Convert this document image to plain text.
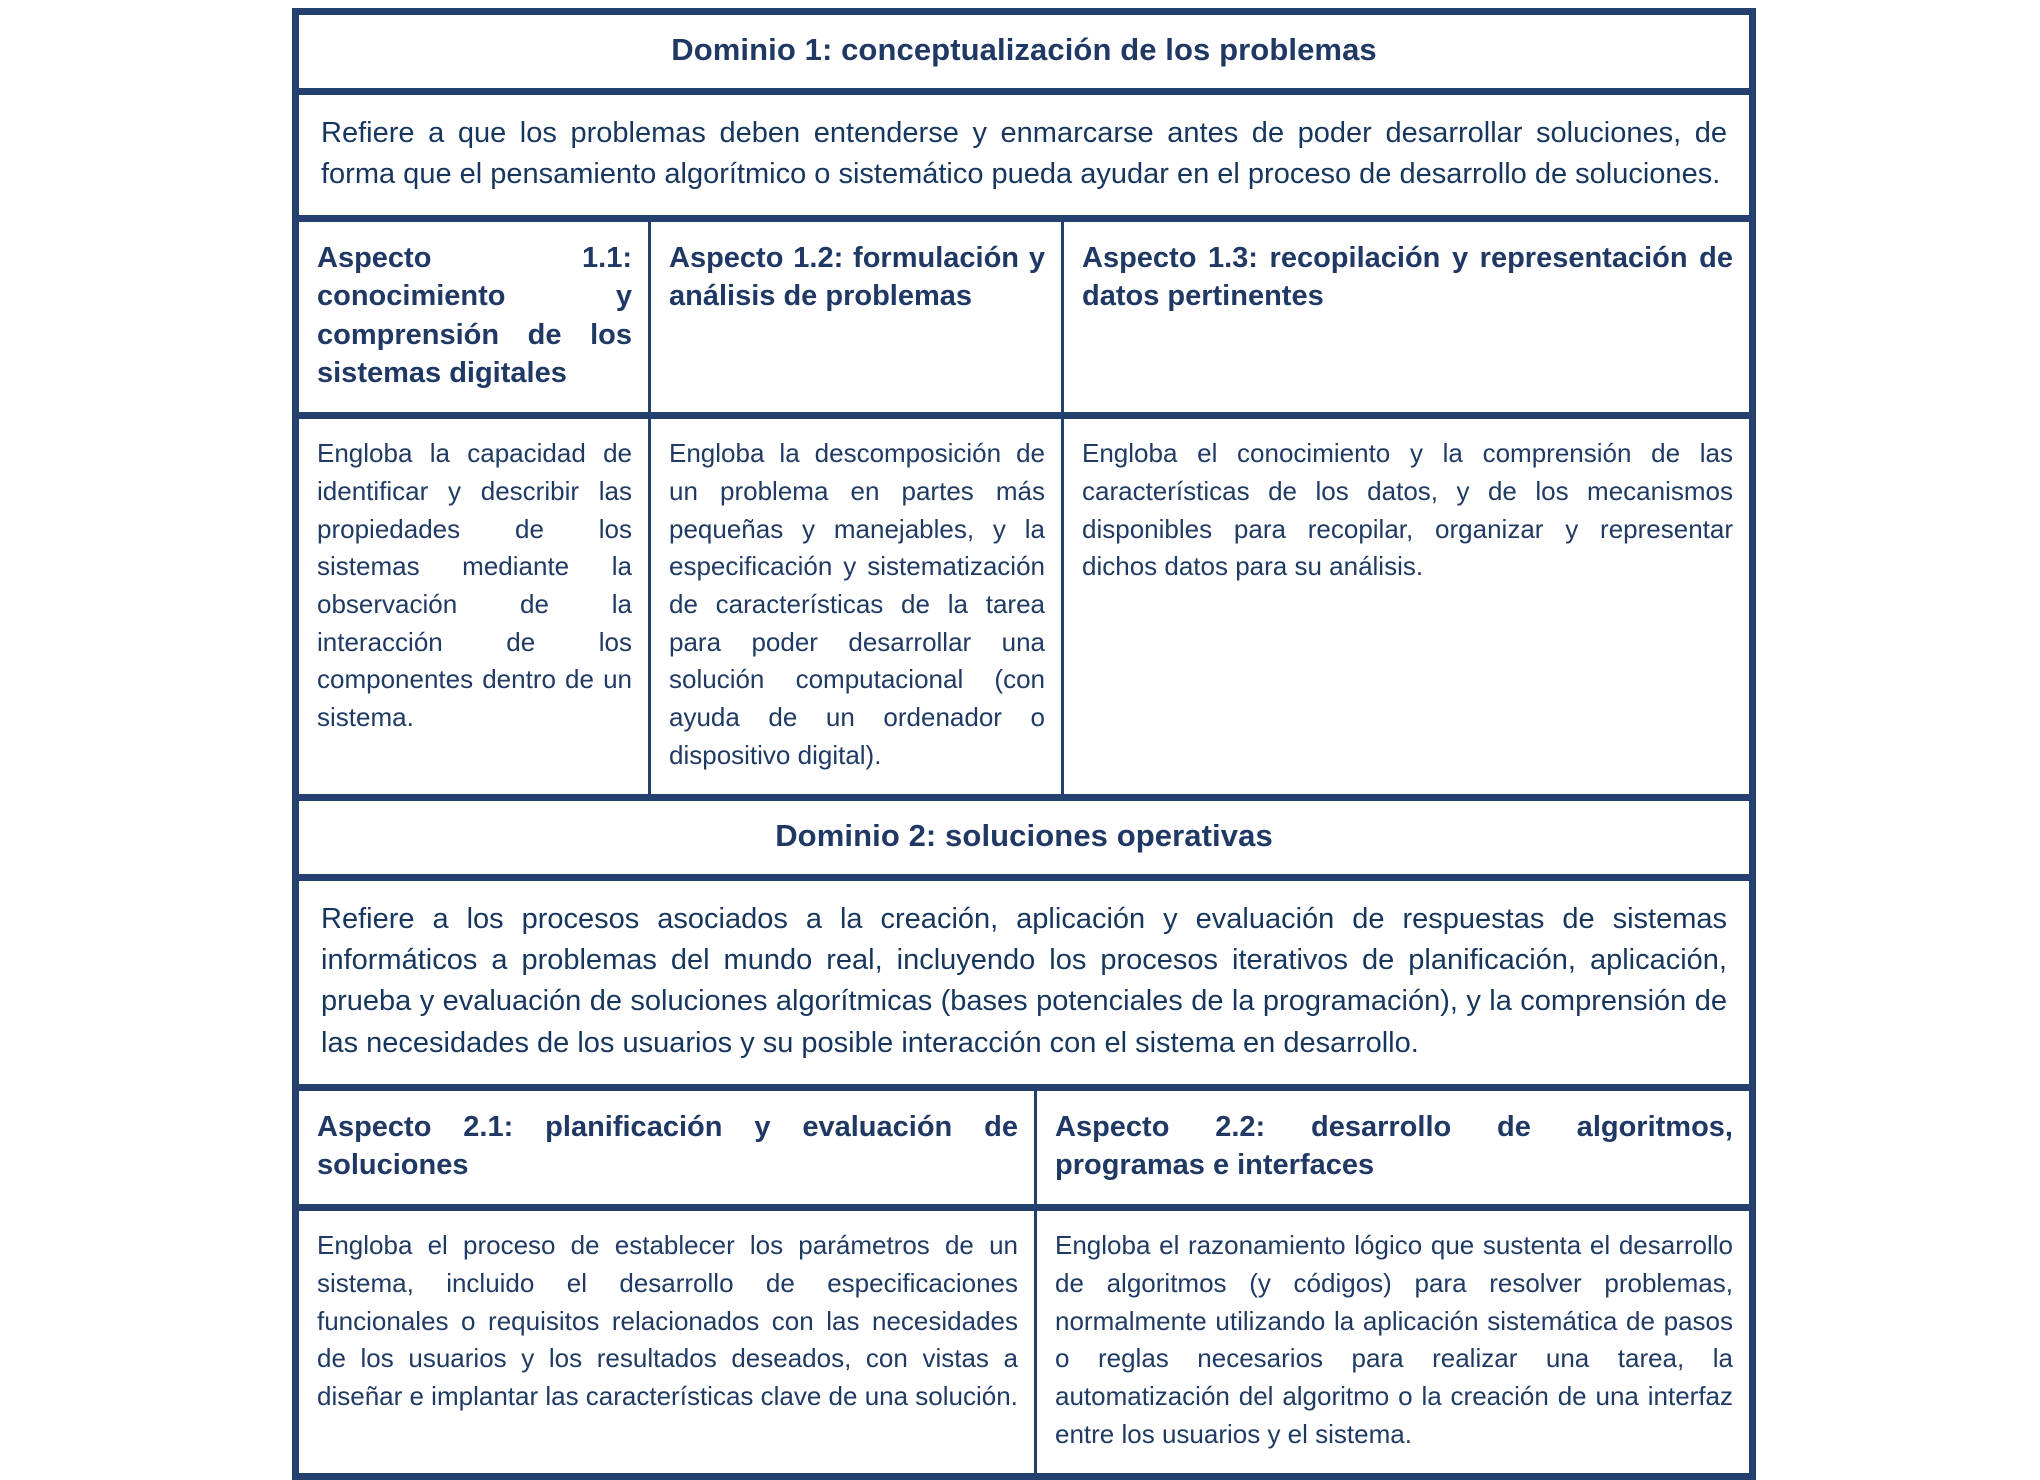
Dominio 1: conceptualización de los problemas
Refiere a que los problemas deben entenderse y enmarcarse antes de poder desarrollar soluciones, de forma que el pensamiento algorítmico o sistemático pueda ayudar en el proceso de desarrollo de soluciones.
Aspecto 1.1: conocimiento y comprensión de los sistemas digitales
Aspecto 1.2: formulación y análisis de problemas
Aspecto 1.3: recopilación y representación de datos pertinentes
Engloba la capacidad de identificar y describir las propiedades de los sistemas mediante la observación de la interacción de los componentes dentro de un sistema.
Engloba la descomposición de un problema en partes más pequeñas y manejables, y la especificación y sistematización de características de la tarea para poder desarrollar una solución computacional (con ayuda de un ordenador o dispositivo digital).
Engloba el conocimiento y la comprensión de las características de los datos, y de los mecanismos disponibles para recopilar, organizar y representar dichos datos para su análisis.
Dominio 2: soluciones operativas
Refiere a los procesos asociados a la creación, aplicación y evaluación de respuestas de sistemas informáticos a problemas del mundo real, incluyendo los procesos iterativos de planificación, aplicación, prueba y evaluación de soluciones algorítmicas (bases potenciales de la programación), y la comprensión de las necesidades de los usuarios y su posible interacción con el sistema en desarrollo.
Aspecto 2.1: planificación y evaluación de soluciones
Aspecto 2.2: desarrollo de algoritmos, programas e interfaces
Engloba el proceso de establecer los parámetros de un sistema, incluido el desarrollo de especificaciones funcionales o requisitos relacionados con las necesidades de los usuarios y los resultados deseados, con vistas a diseñar e implantar las características clave de una solución.
Engloba el razonamiento lógico que sustenta el desarrollo de algoritmos (y códigos) para resolver problemas, normalmente utilizando la aplicación sistemática de pasos o reglas necesarios para realizar una tarea, la automatización del algoritmo o la creación de una interfaz entre los usuarios y el sistema.
